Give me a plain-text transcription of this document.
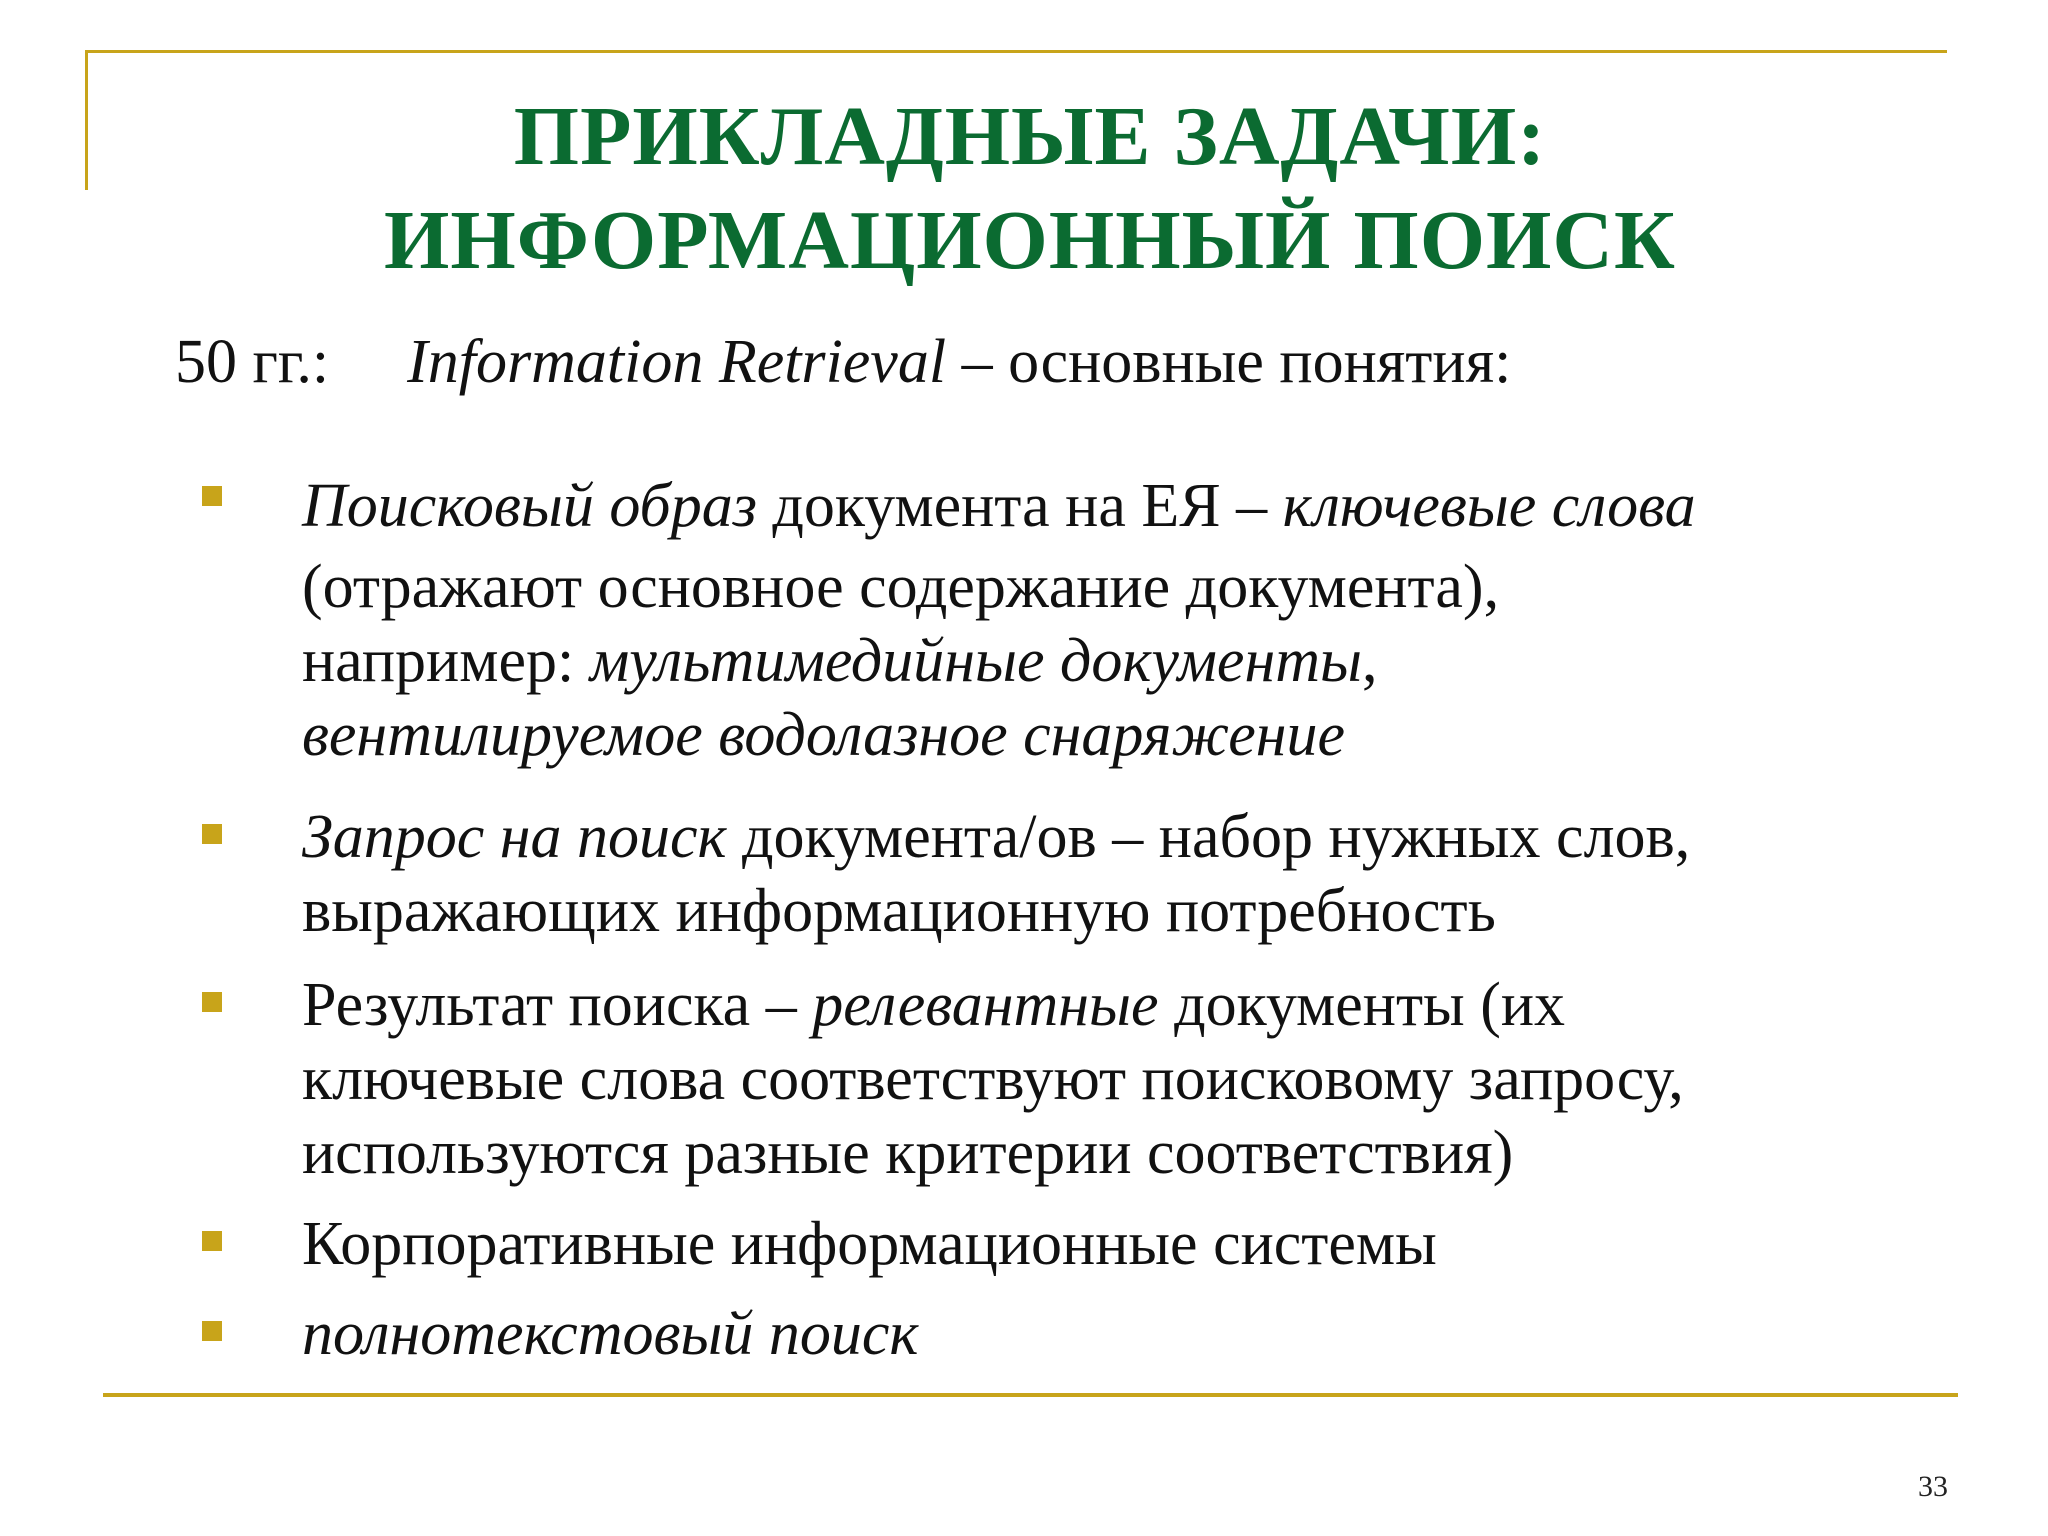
ПРИКЛАДНЫЕ ЗАДАЧИ:
ИНФОРМАЦИОННЫЙ ПОИСК
50 гг.: Information Retrieval – основные понятия:
Поисковый образ документа на ЕЯ – ключевые слова
(отражают основное содержание документа),
например: мультимедийные документы,
вентилируемое водолазное снаряжение
Запрос на поиск документа/ов – набор нужных слов,
выражающих информационную потребность
Результат поиска – релевантные документы (их
ключевые слова соответствуют поисковому запросу,
используются разные критерии соответствия)
Корпоративные информационные системы
полнотекстовый поиск
33
